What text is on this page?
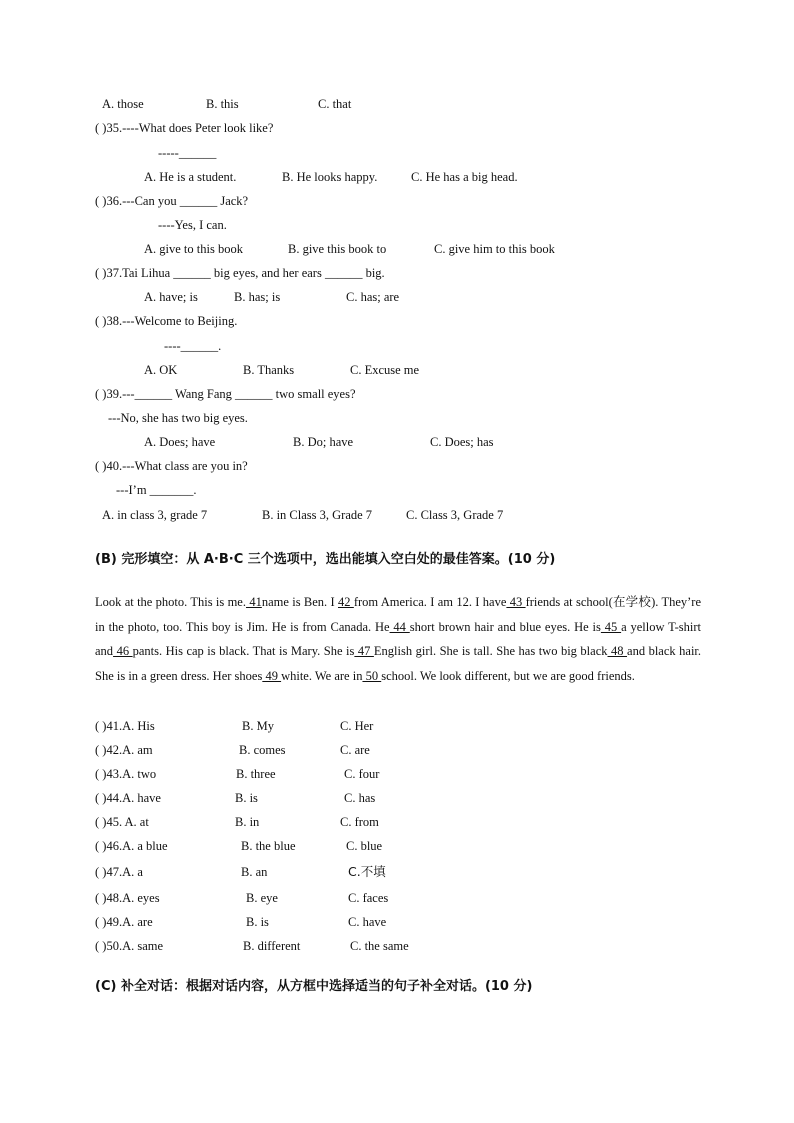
A. those	B. this	C. that
( )35.----What does Peter look like?
-----______
A. He is a student.	B. He looks happy.	C. He has a big head.
( )36.---Can you ______ Jack?
----Yes, I can.
A. give to this book	B. give this book to	C. give him to this book
( )37.Tai Lihua ______ big eyes, and her ears ______ big.
A. have; is	B. has; is	C. has; are
( )38.---Welcome to Beijing.
----______.
A. OK	B. Thanks	C. Excuse me
( )39.---______ Wang Fang ______ two small eyes?
---No, she has two big eyes.
A. Does; have	B. Do; have	C. Does; has
( )40.---What class are you in?
---I’m _______.
A. in class 3, grade 7	B. in Class 3, Grade 7	C. Class 3, Grade 7
(B) 完形填空：从 A·B·C 三个选项中，选出能填入空白处的最佳答案。(10 分)
Look at the photo. This is me. 41name is Ben. I 42 from America. I am 12. I have 43 friends at school(在学校). They’re in the photo, too. This boy is Jim. He is from Canada. He 44 short brown hair and blue eyes. He is 45 a yellow T-shirt and 46 pants. His cap is black. That is Mary. She is 47 English girl. She is tall. She has two big black 48 and black hair. She is in a green dress. Her shoes 49 white. We are in 50 school. We look different, but we are good friends.
( )41.A. His	B. My	C. Her
( )42.A. am	B. comes	C. are
( )43.A. two	B. three	C. four
( )44.A. have	B. is	C. has
( )45. A. at	B. in	C. from
( )46.A. a blue	B. the blue	C. blue
( )47.A. a	B. an	C.不填
( )48.A. eyes	B. eye	C. faces
( )49.A. are	B. is	C. have
( )50.A. same	B. different	C. the same
(C) 补全对话：根据对话内容，从方框中选择适当的句子补全对话。(10 分)
